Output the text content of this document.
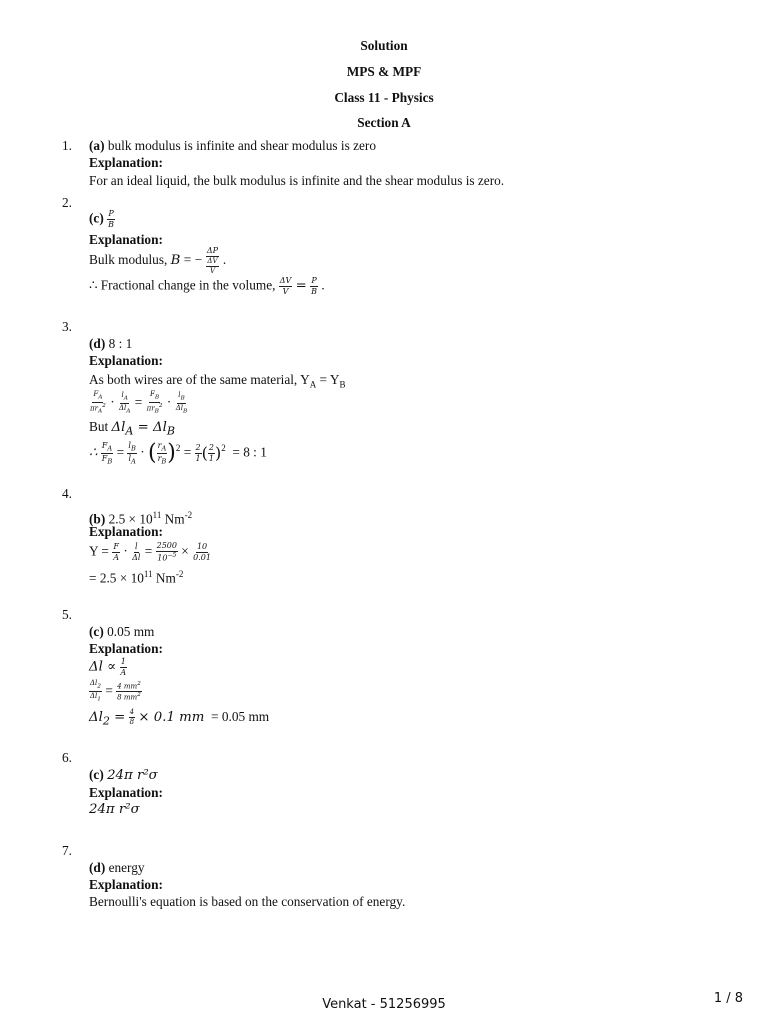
Solution
MPS & MPF
Class 11 - Physics
Section A
1. (a) bulk modulus is infinite and shear modulus is zero
Explanation:
For an ideal liquid, the bulk modulus is infinite and the shear modulus is zero.
2.
$(c) \frac{P}{B}$
Explanation:
Bulk modulus, B = −
ΔP
$\frac{\Delta V}{V}$ .
∴ Fractional change in the volume, $\frac{\Delta V}{V} = \frac{P}{B}$ .
3.
(d) 8 : 1
Explanation:
As both wires are of the same material, $Y_A = Y_B$
$F_A$
$\pi r_A^2 \cdot l_A$
$\Delta l_A$
=
$F_B$
$\pi r_B^2 \cdot l_B$
$\Delta l_B$
But $\Delta l_A = \Delta l_B$
∴ $\frac{F_A}{F_B} = \frac{l_B}{l_A}$ · ( $\frac{r_A}{r_B} )^2 = \frac{2}{1}$ ( $\frac{2}{1} )^2 = 8$ : 1
4.
(b) $2.5 \times 10^{11}$ $Nm^{-2}$
Explanation:
$Y = \frac{F}{A} \cdot \frac{l}{\Delta l} = \frac{2500}{10^{-5}} \times \frac{10}{0.01}$
= $2.5 \times 10^{11}$ $Nm^{-2}$
5.
(c) 0.05 mm
Explanation:
$\Delta l \propto \frac{1}{A}$
$\frac{\Delta l_2}{\Delta l_1} = \frac{4 mm^2}{8 mm^2}$
$\Delta l_2 = \frac{4}{8} \times 0.1$ mm = 0.05 mm
6.
(c) 24π r²σ
Explanation:
24π r²σ
7.
(d) energy
Explanation:
Bernoulli's equation is based on the conservation of energy.
Venkat - 51256995	1 / 8
